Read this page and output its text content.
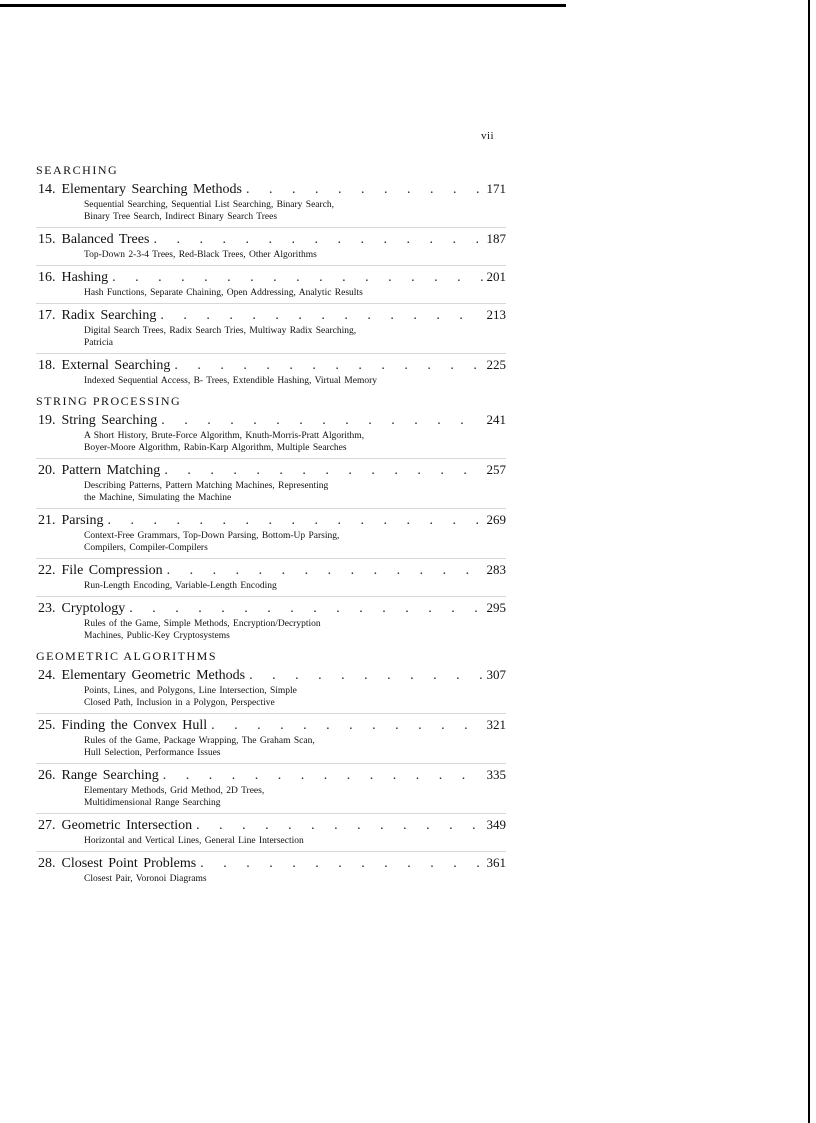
vii
SEARCHING
14. Elementary Searching Methods . . .	171
Sequential Searching, Sequential List Searching, Binary Search,
Binary Tree Search, Indirect Binary Search Trees
15. Balanced Trees . . .	187
Top-Down 2-3-4 Trees, Red-Black Trees, Other Algorithms
16. Hashing . . .	201
Hash Functions, Separate Chaining, Open Addressing, Analytic Results
17. Radix Searching . . .	213
Digital Search Trees, Radix Search Tries, Multiway Radix Searching,
Patricia
18. External Searching . . .	225
Indexed Sequential Access, B- Trees, Extendible Hashing, Virtual Memory
STRING PROCESSING
19. String Searching . . .	241
A Short History, Brute-Force Algorithm, Knuth-Morris-Pratt Algorithm,
Boyer-Moore Algorithm, Rabin-Karp Algorithm, Multiple Searches
20. Pattern Matching . . .	257
Describing Patterns, Pattern Matching Machines, Representing
the Machine, Simulating the Machine
21. Parsing . . .	269
Context-Free Grammars, Top-Down Parsing, Bottom-Up Parsing,
Compilers, Compiler-Compilers
22. File Compression . . .	283
Run-Length Encoding, Variable-Length Encoding
23. Cryptology . . .	295
Rules of the Game, Simple Methods, Encryption/Decryption
Machines, Public-Key Cryptosystems
GEOMETRIC ALGORITHMS
24. Elementary Geometric Methods . . .	307
Points, Lines, and Polygons, Line Intersection, Simple
Closed Path, Inclusion in a Polygon, Perspective
25. Finding the Convex Hull . . .	321
Rules of the Game, Package Wrapping, The Graham Scan,
Hull Selection, Performance Issues
26. Range Searching . . .	335
Elementary Methods, Grid Method, 2D Trees,
Multidimensional Range Searching
27. Geometric Intersection . . .	349
Horizontal and Vertical Lines, General Line Intersection
28. Closest Point Problems . . .	361
Closest Pair, Voronoi Diagrams
